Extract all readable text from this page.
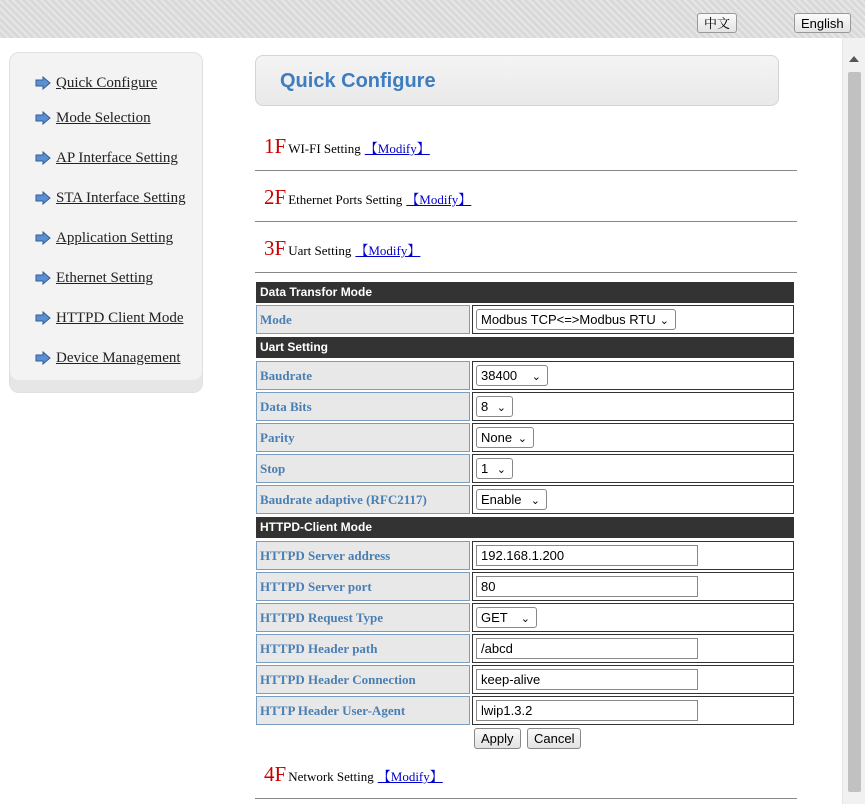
中文	English
Quick Configure
Mode Selection
AP Interface Setting
STA Interface Setting
Application Setting
Ethernet Setting
HTTPD Client Mode
Device Management
Quick Configure
1 F WI-FI Setting 【Modify】
2 F Ethernet Ports Setting 【Modify】
3 F Uart Setting 【Modify】
Data Transfor Mode
Mode	Modbus TCP<=>Modbus RTU ⌄
Uart Setting
Baudrate	38400 ⌄
Data Bits	8 ⌄
Parity	None ⌄
Stop	1 ⌄
Baudrate adaptive (RFC2117)	Enable ⌄
HTTPD-Client Mode
HTTPD Server address	192.168.1.200
HTTPD Server port	80
HTTPD Request Type	GET ⌄
HTTPD Header path	/abcd
HTTPD Header Connection	keep-alive
HTTP Header User-Agent	lwip1.3.2
Apply	Cancel
4 F Network Setting 【Modify】
